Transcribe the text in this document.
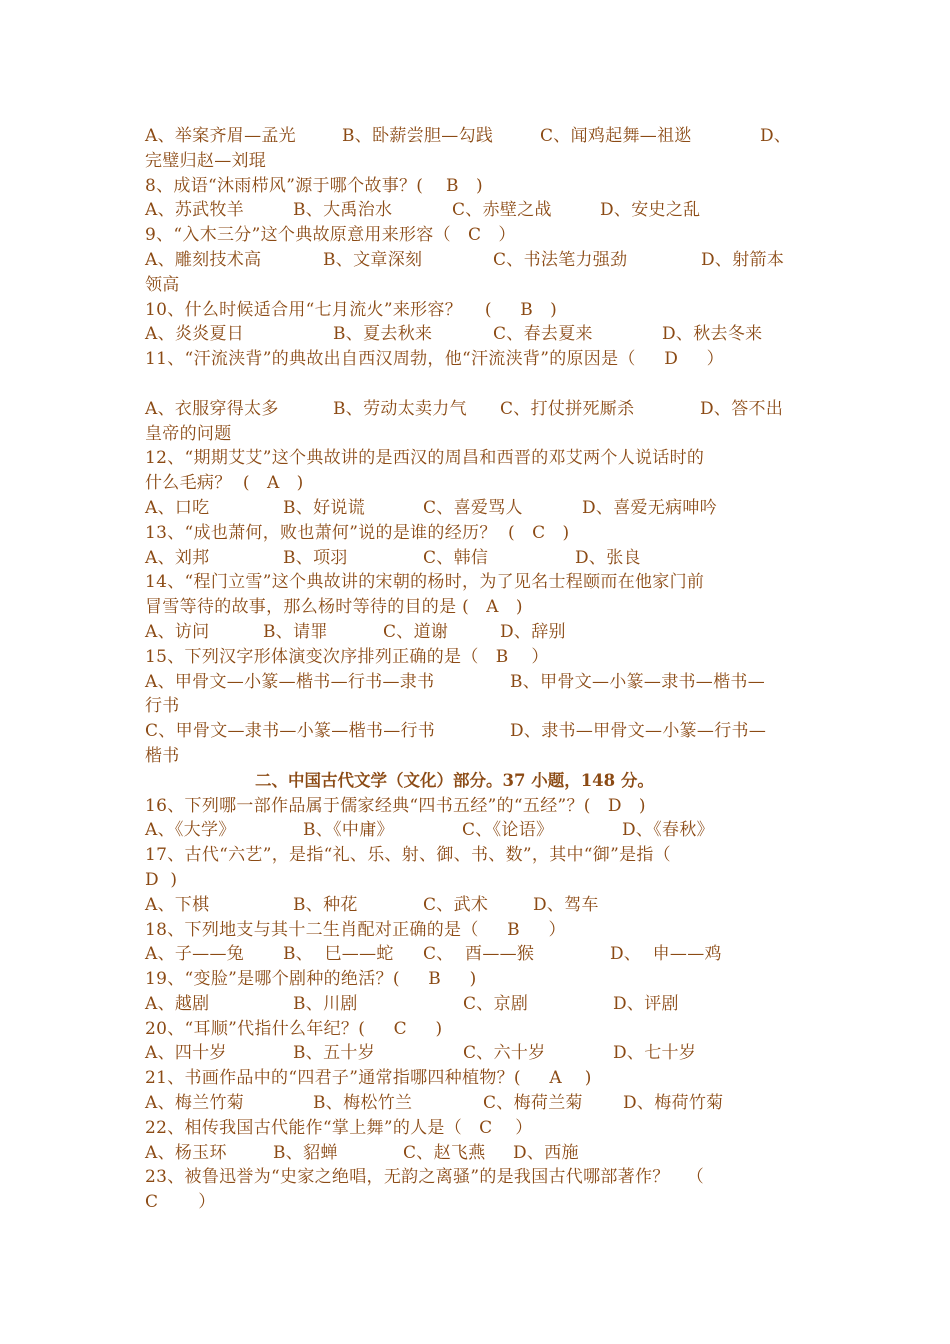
A、举案齐眉—孟光	B、卧薪尝胆—勾践	C、闻鸡起舞—祖逖	D、
完璧归赵—刘琨
8、成语“沐雨栉风”源于哪个故事？(    B   )
A、苏武牧羊	B、大禹治水	C、赤壁之战	D、安史之乱
9、“入木三分”这个典故原意用来形容（   C   ）
A、雕刻技术高	B、文章深刻	C、书法笔力强劲	D、射箭本
领高
10、什么时候适合用“七月流火”来形容？    (     B   )
A、炎炎夏日	B、夏去秋来	C、春去夏来	D、秋去冬来
11、“汗流浃背”的典故出自西汉周勃，他“汗流浃背”的原因是（     D     ）
A、衣服穿得太多	B、劳动太卖力气 C、打仗拼死厮杀	D、答不出
皇帝的问题
12、“期期艾艾”这个典故讲的是西汉的周昌和西晋的邓艾两个人说话时的
什么毛病？  (   A   )
A、口吃	B、好说谎	C、喜爱骂人	D、喜爱无病呻吟
13、“成也萧何，败也萧何”说的是谁的经历？  (   C   )
A、刘邦	B、项羽	C、韩信	D、张良
14、“程门立雪”这个典故讲的宋朝的杨时，为了见名士程颐而在他家门前
冒雪等待的故事，那么杨时等待的目的是 (   A   )
A、访问	B、请罪	C、道谢	D、辞别
15、下列汉字形体演变次序排列正确的是（   B    ）
A、甲骨文—小篆—楷书—行书—隶书	B、甲骨文—小篆—隶书—楷书—
行书
C、甲骨文—隶书—小篆—楷书—行书	D、隶书—甲骨文—小篆—行书—
楷书
二、中国古代文学（文化）部分。37 小题，148 分。
16、下列哪一部作品属于儒家经典“四书五经”的“五经”？(   D   )
A、《大学》	B、《中庸》	C、《论语》	D、《春秋》
17、古代“六艺”，是指“礼、乐、射、御、书、数”，其中“御”是指（
D  )
A、下棋	B、种花	C、武术	D、驾车
18、下列地支与其十二生肖配对正确的是（     B     ）
A、子——兔 B、  巳——蛇 C、  酉——猴	D、  申——鸡
19、“变脸”是哪个剧种的绝活？(     B     )
A、越剧	B、川剧	C、京剧	D、评剧
20、“耳顺”代指什么年纪？(     C     )
A、四十岁	B、五十岁	C、六十岁	D、七十岁
21、书画作品中的“四君子”通常指哪四种植物？(     A    )
A、梅兰竹菊	B、梅松竹兰	C、梅荷兰菊 D、梅荷竹菊
22、相传我国古代能作“掌上舞”的人是（   C    ）
A、杨玉环	B、貂蝉	C、赵飞燕 D、西施
23、被鲁迅誉为“史家之绝唱，无韵之离骚”的是我国古代哪部著作？   （
C       ）
